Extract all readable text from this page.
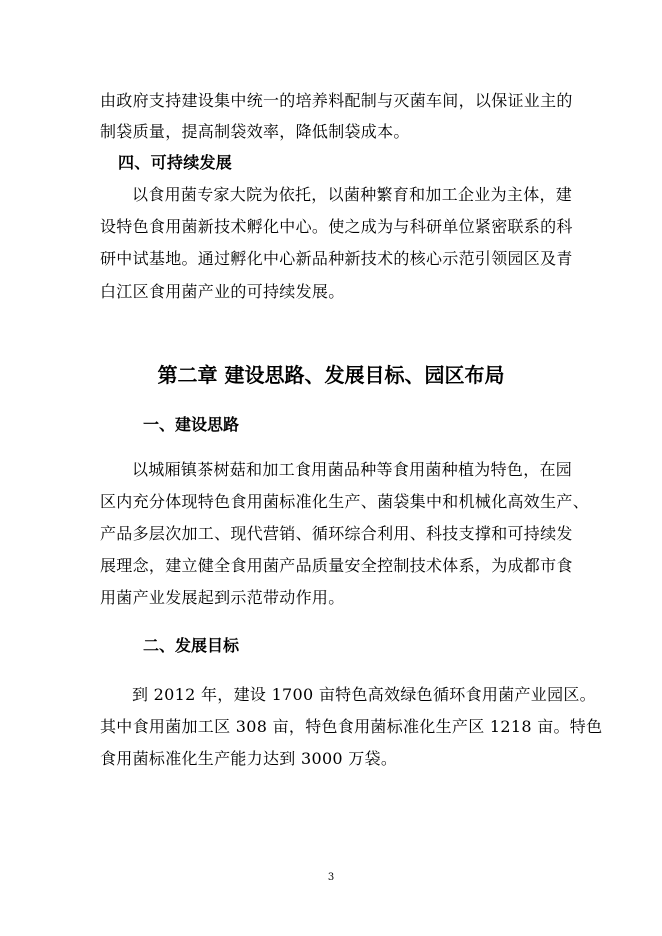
由政府支持建设集中统一的培养料配制与灭菌车间，以保证业主的
制袋质量，提高制袋效率，降低制袋成本。
四、可持续发展
以食用菌专家大院为依托，以菌种繁育和加工企业为主体，建
设特色食用菌新技术孵化中心。使之成为与科研单位紧密联系的科
研中试基地。通过孵化中心新品种新技术的核心示范引领园区及青
白江区食用菌产业的可持续发展。
第二章 建设思路、发展目标、园区布局
一、建设思路
以城厢镇茶树菇和加工食用菌品种等食用菌种植为特色，在园
区内充分体现特色食用菌标准化生产、菌袋集中和机械化高效生产、
产品多层次加工、现代营销、循环综合利用、科技支撑和可持续发
展理念，建立健全食用菌产品质量安全控制技术体系，为成都市食
用菌产业发展起到示范带动作用。
二、发展目标
到 2012 年，建设 1700 亩特色高效绿色循环食用菌产业园区。
其中食用菌加工区 308 亩，特色食用菌标准化生产区 1218 亩。特色
食用菌标准化生产能力达到 3000 万袋。
3
